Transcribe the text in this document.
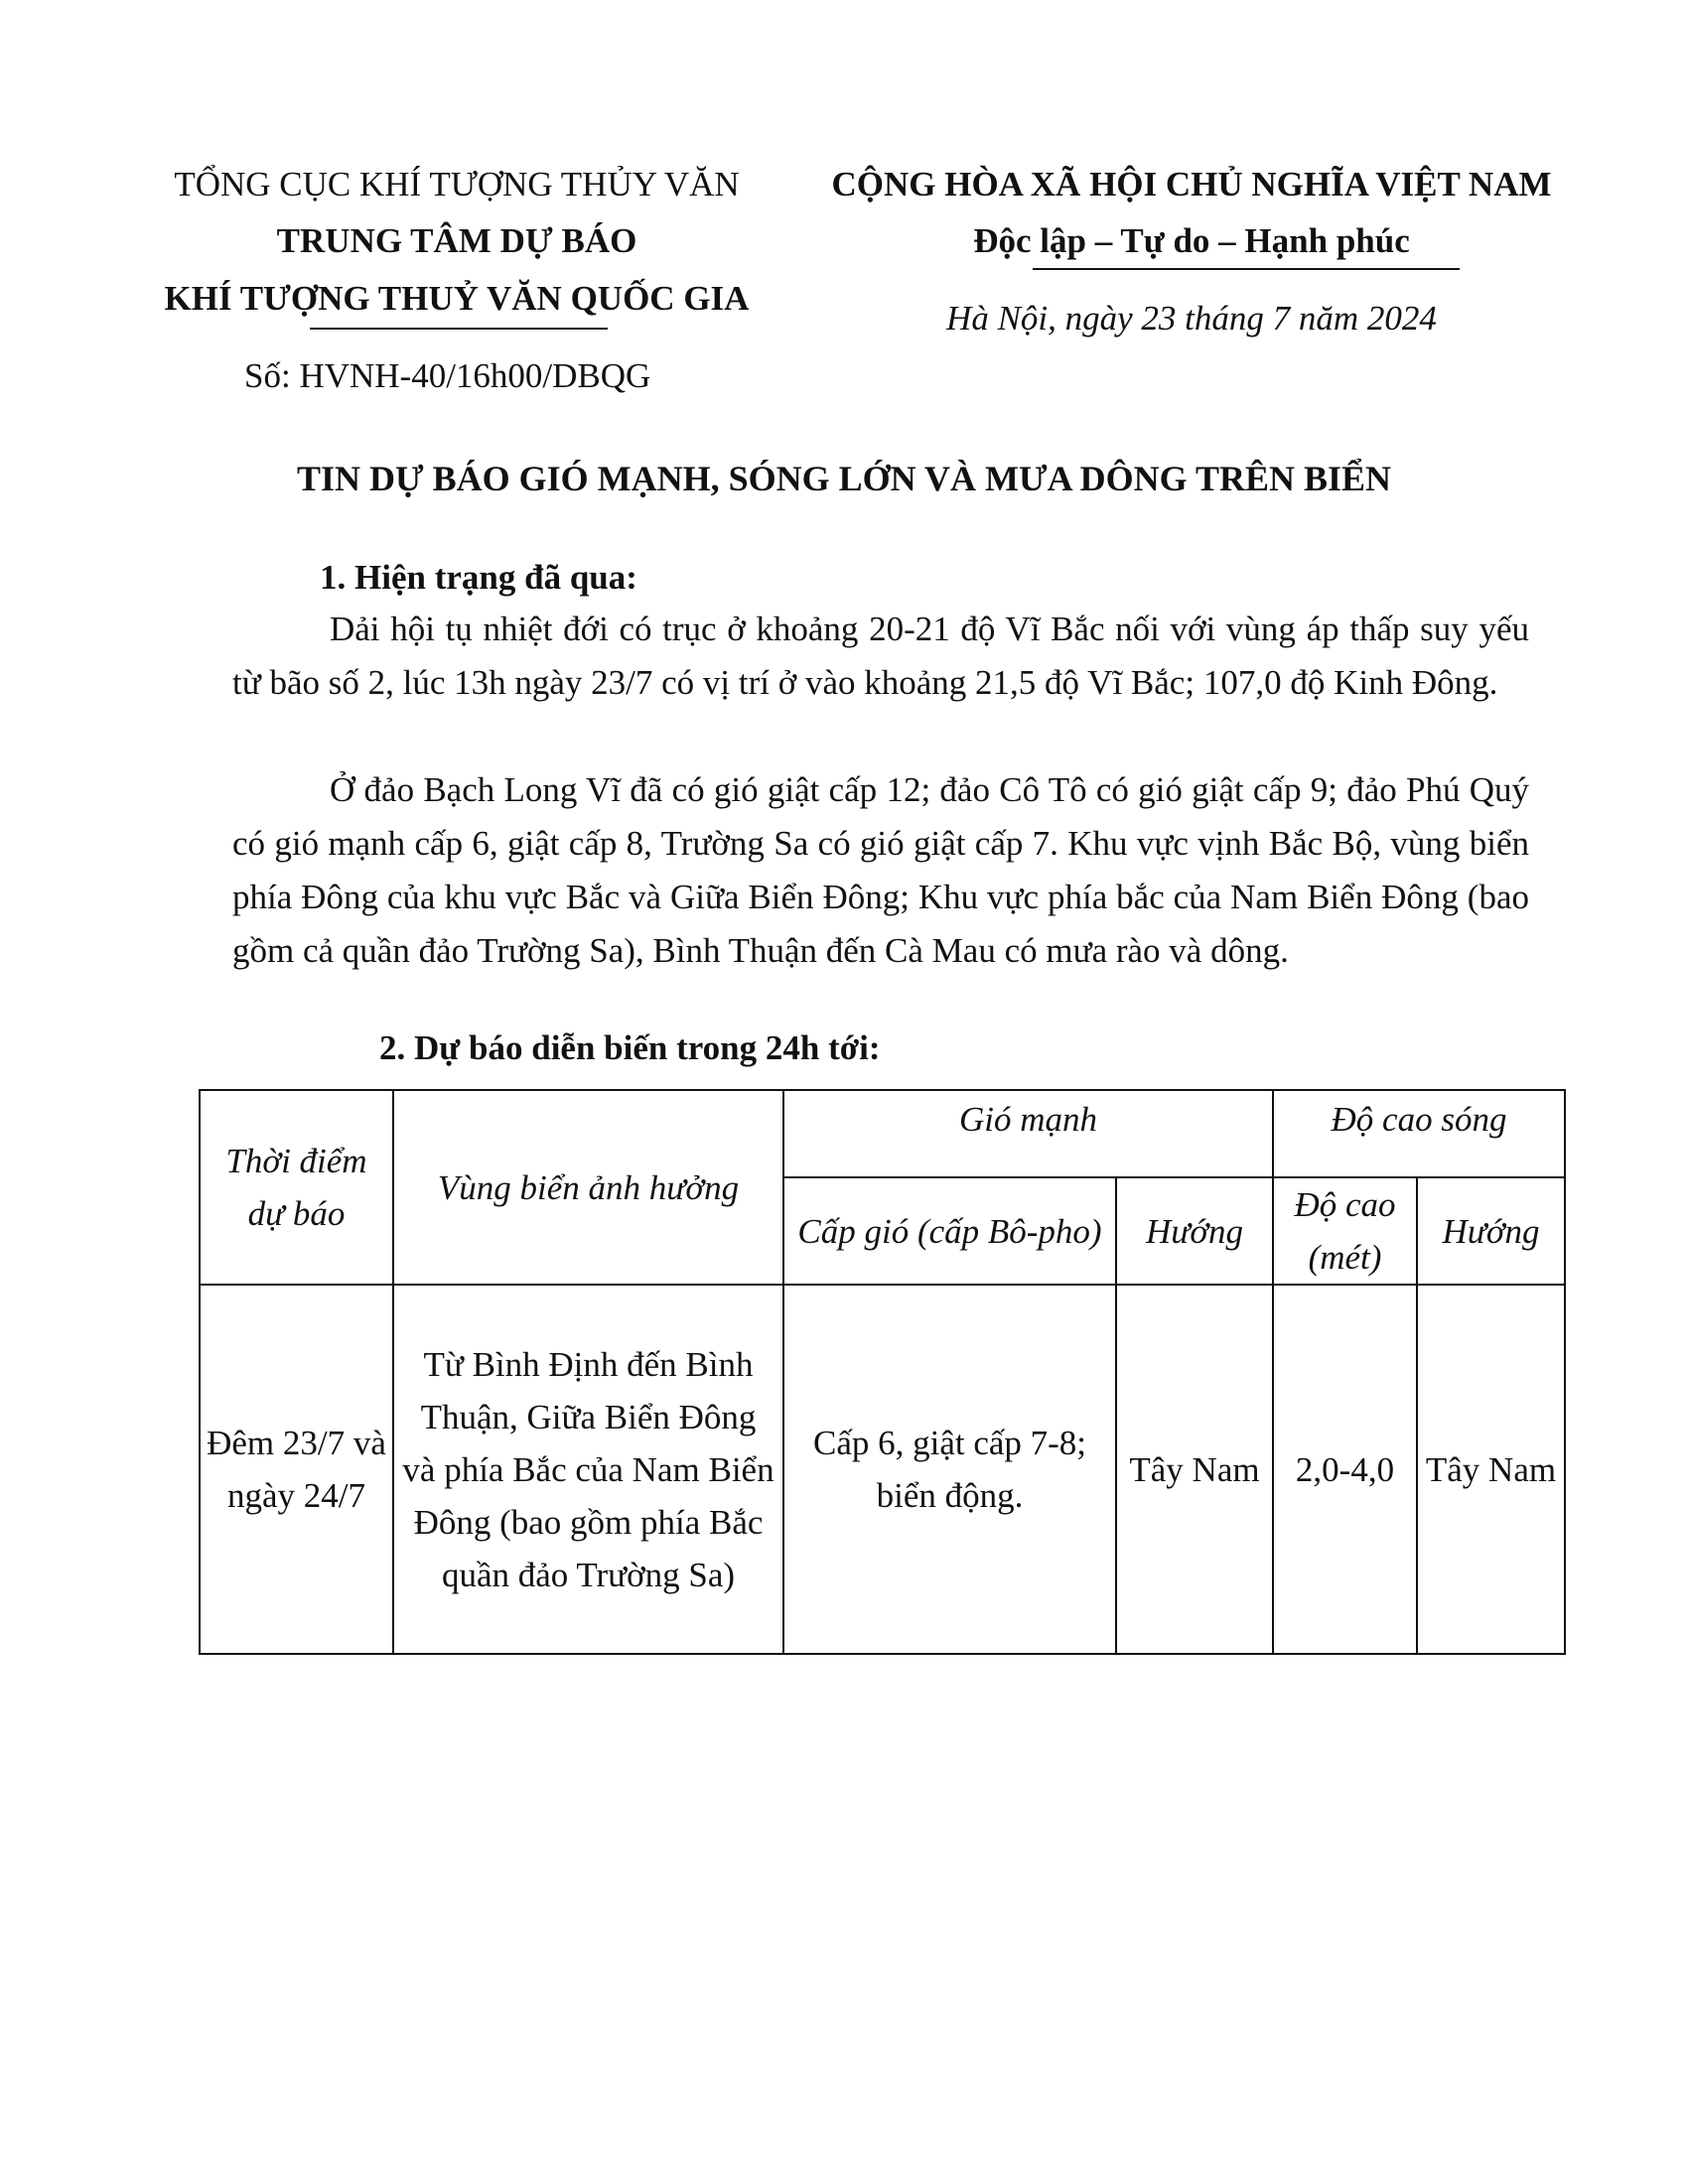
TỔNG CỤC KHÍ TƯỢNG THỦY VĂN
TRUNG TÂM DỰ BÁO
KHÍ TƯỢNG THUỶ VĂN QUỐC GIA
Số: HVNH-40/16h00/DBQG
CỘNG HÒA XÃ HỘI CHỦ NGHĨA VIỆT NAM
Độc lập – Tự do – Hạnh phúc
Hà Nội, ngày 23 tháng 7 năm 2024
TIN DỰ BÁO GIÓ MẠNH, SÓNG LỚN VÀ MƯA DÔNG TRÊN BIỂN
1. Hiện trạng đã qua:

Dải hội tụ nhiệt đới có trục ở khoảng 20-21 độ Vĩ Bắc nối với vùng áp thấp suy yếu từ bão số 2, lúc 13h ngày 23/7 có vị trí ở vào khoảng 21,5 độ Vĩ Bắc; 107,0 độ Kinh Đông.

Ở đảo Bạch Long Vĩ đã có gió giật cấp 12; đảo Cô Tô có gió giật cấp 9; đảo Phú Quý có gió mạnh cấp 6, giật cấp 8, Trường Sa có gió giật cấp 7. Khu vực vịnh Bắc Bộ, vùng biển phía Đông của khu vực Bắc và Giữa Biển Đông; Khu vực phía bắc của Nam Biển Đông (bao gồm cả quần đảo Trường Sa), Bình Thuận đến Cà Mau có mưa rào và dông.

2. Dự báo diễn biến trong 24h tới:
Thời điểm dự báo	Vùng biển ảnh hưởng	Gió mạnh		Độ cao sóng	
		Cấp gió (cấp Bô-pho)	Hướng	Độ cao (mét)	Hướng
Đêm 23/7 và ngày 24/7	Từ Bình Định đến Bình Thuận, Giữa Biển Đông và phía Bắc của Nam Biển Đông (bao gồm phía Bắc quần đảo Trường Sa)	Cấp 6, giật cấp 7-8; biển động.	Tây Nam	2,0-4,0	Tây Nam
